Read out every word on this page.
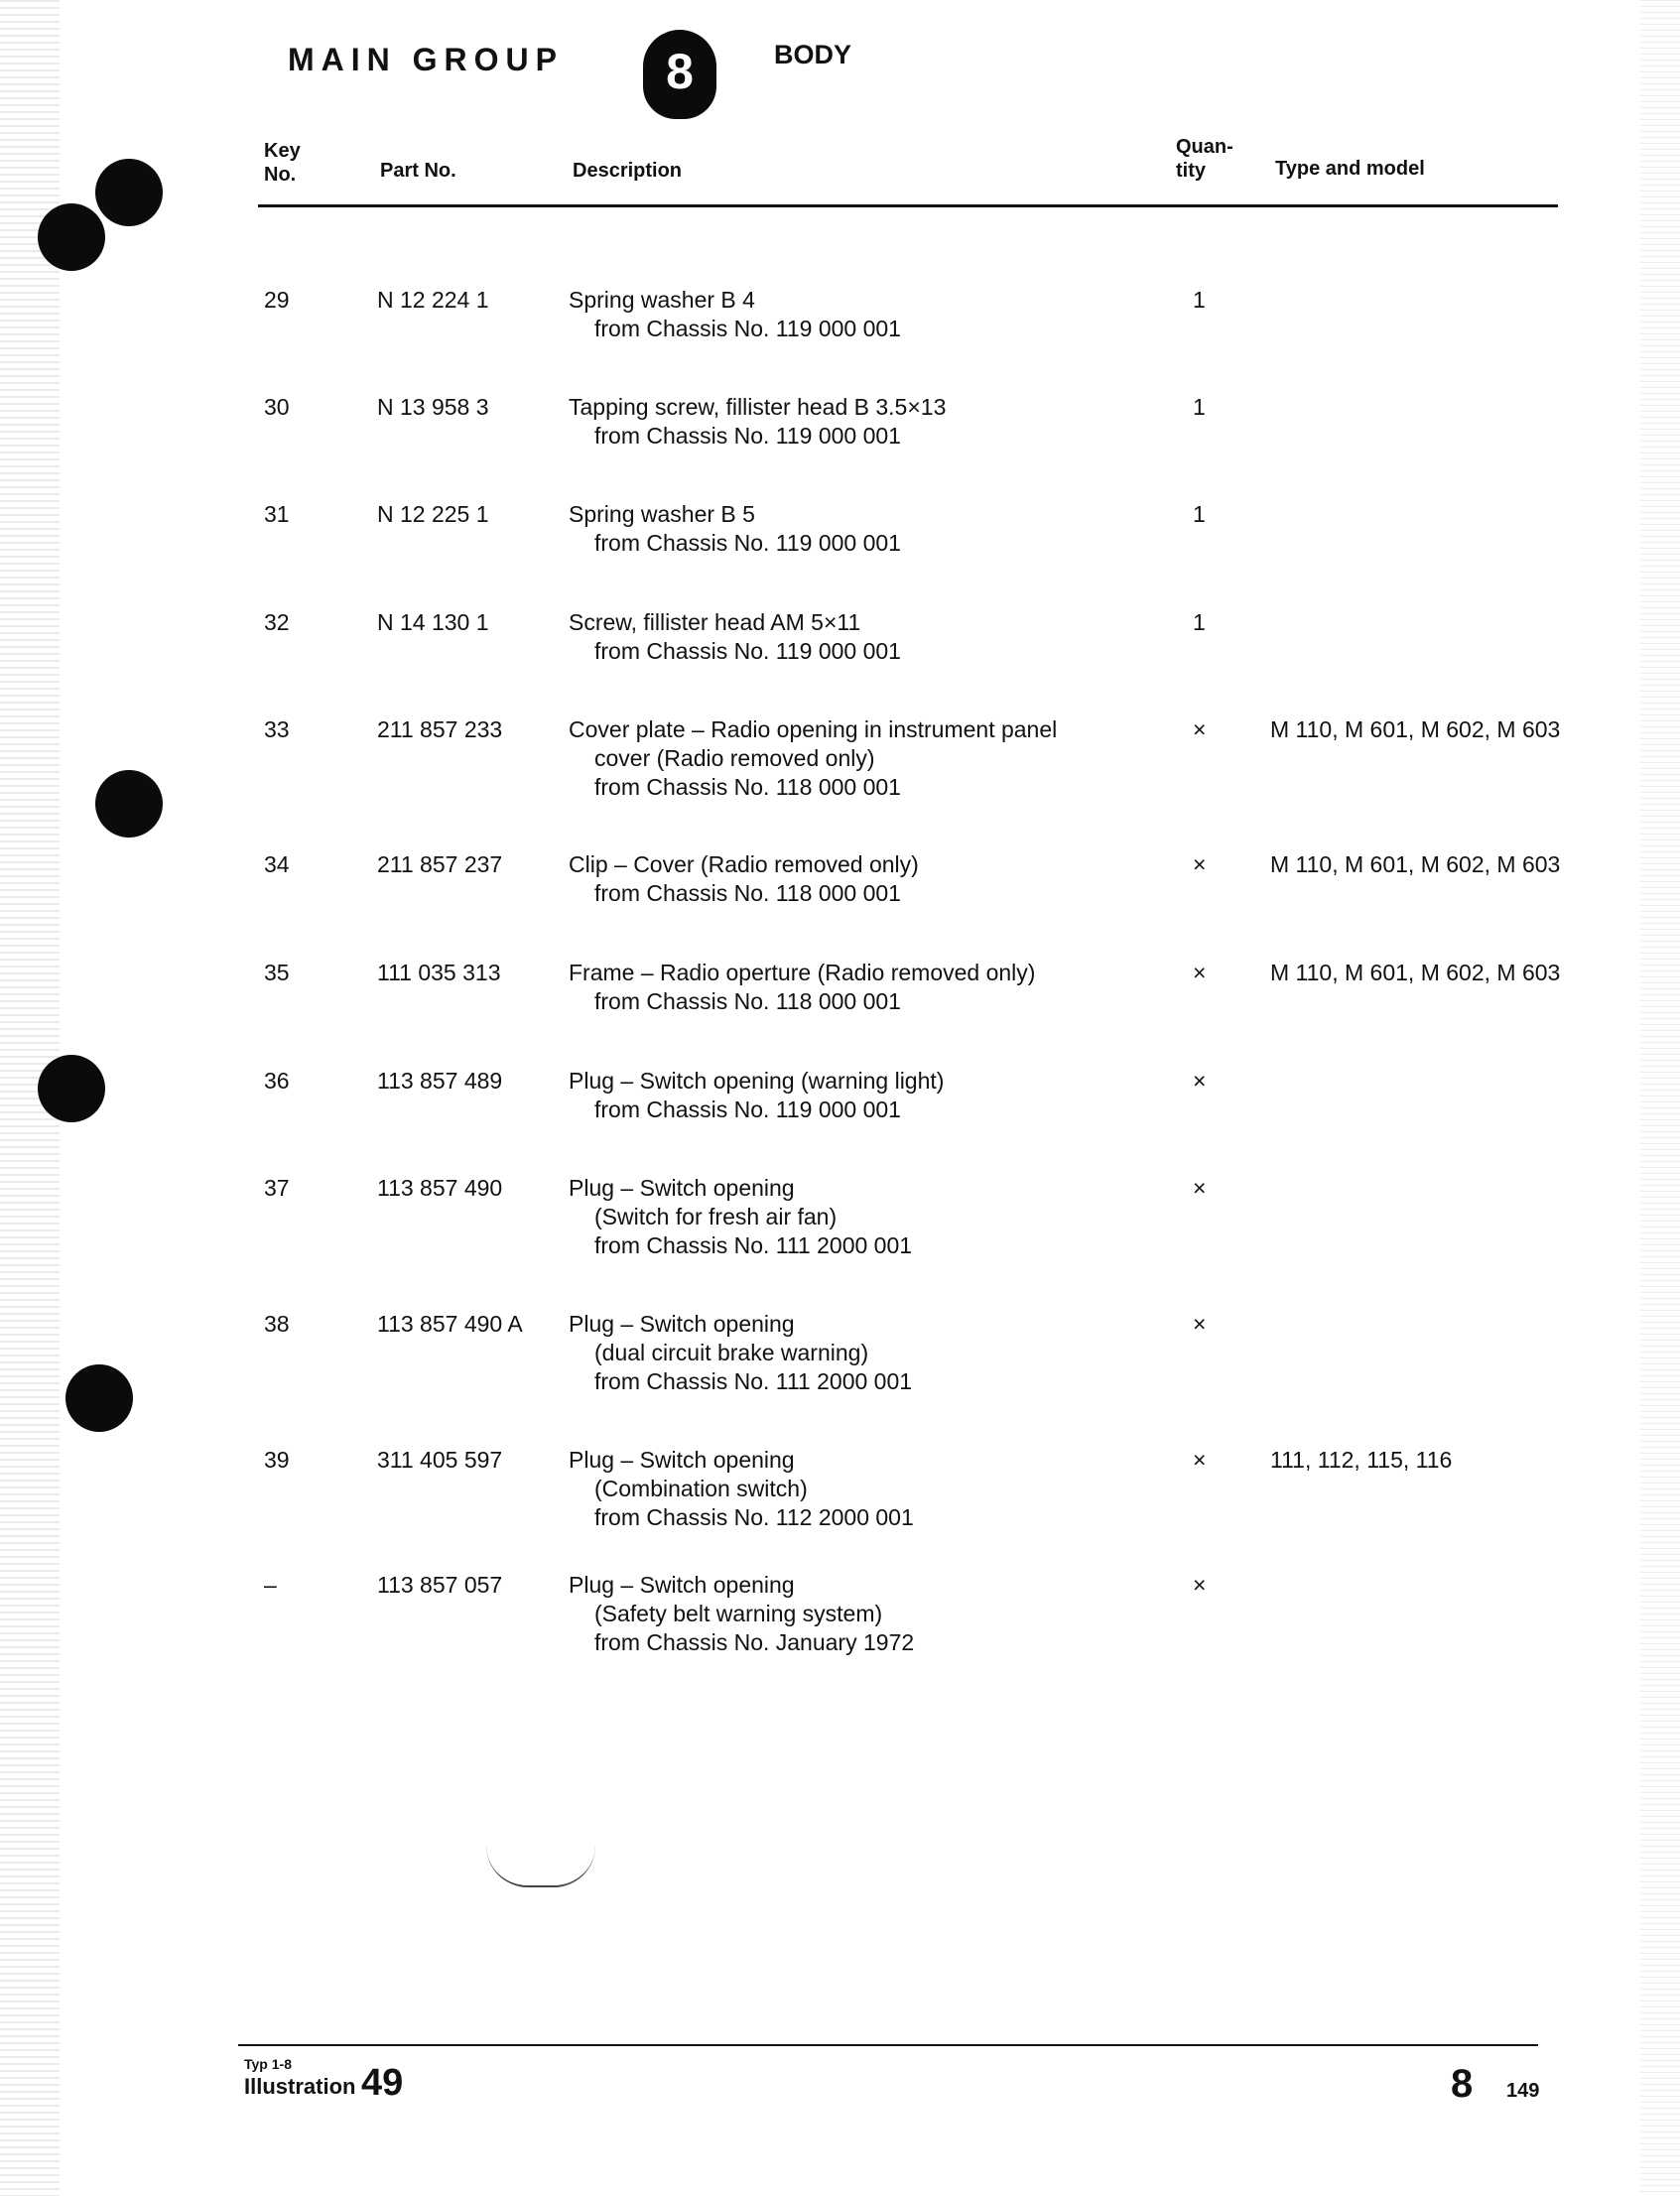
MAIN GROUP	8	BODY
Key
No.	Part No.	Description
Quan-
tity	Type and model
29	N 12 224 1	Spring washer B 4
from Chassis No. 119 000 001
1
30	N 13 958 3	Tapping screw, fillister head B 3.5×13
from Chassis No. 119 000 001
1
31	N 12 225 1	Spring washer B 5
from Chassis No. 119 000 001
1
32	N 14 130 1	Screw, fillister head AM 5×11
from Chassis No. 119 000 001
1
33	211 857 233	Cover plate – Radio opening in instrument panel
cover (Radio removed only)
from Chassis No. 118 000 001
×	M 110, M 601, M 602, M 603
34	211 857 237	Clip – Cover (Radio removed only)
from Chassis No. 118 000 001
×	M 110, M 601, M 602, M 603
35	111 035 313	Frame – Radio operture (Radio removed only)
from Chassis No. 118 000 001
×	M 110, M 601, M 602, M 603
36	113 857 489	Plug – Switch opening (warning light)
from Chassis No. 119 000 001
×
37	113 857 490	Plug – Switch opening
(Switch for fresh air fan)
from Chassis No. 111 2000 001
×
38	113 857 490 A Plug – Switch opening
(dual circuit brake warning)
from Chassis No. 111 2000 001
×
39	311 405 597	Plug – Switch opening
(Combination switch)
from Chassis No. 112 2000 001
×	111, 112, 115, 116
–	113 857 057	Plug – Switch opening
(Safety belt warning system)
from Chassis No. January 1972
×
Typ 1-8
Illustration 49	8 149
